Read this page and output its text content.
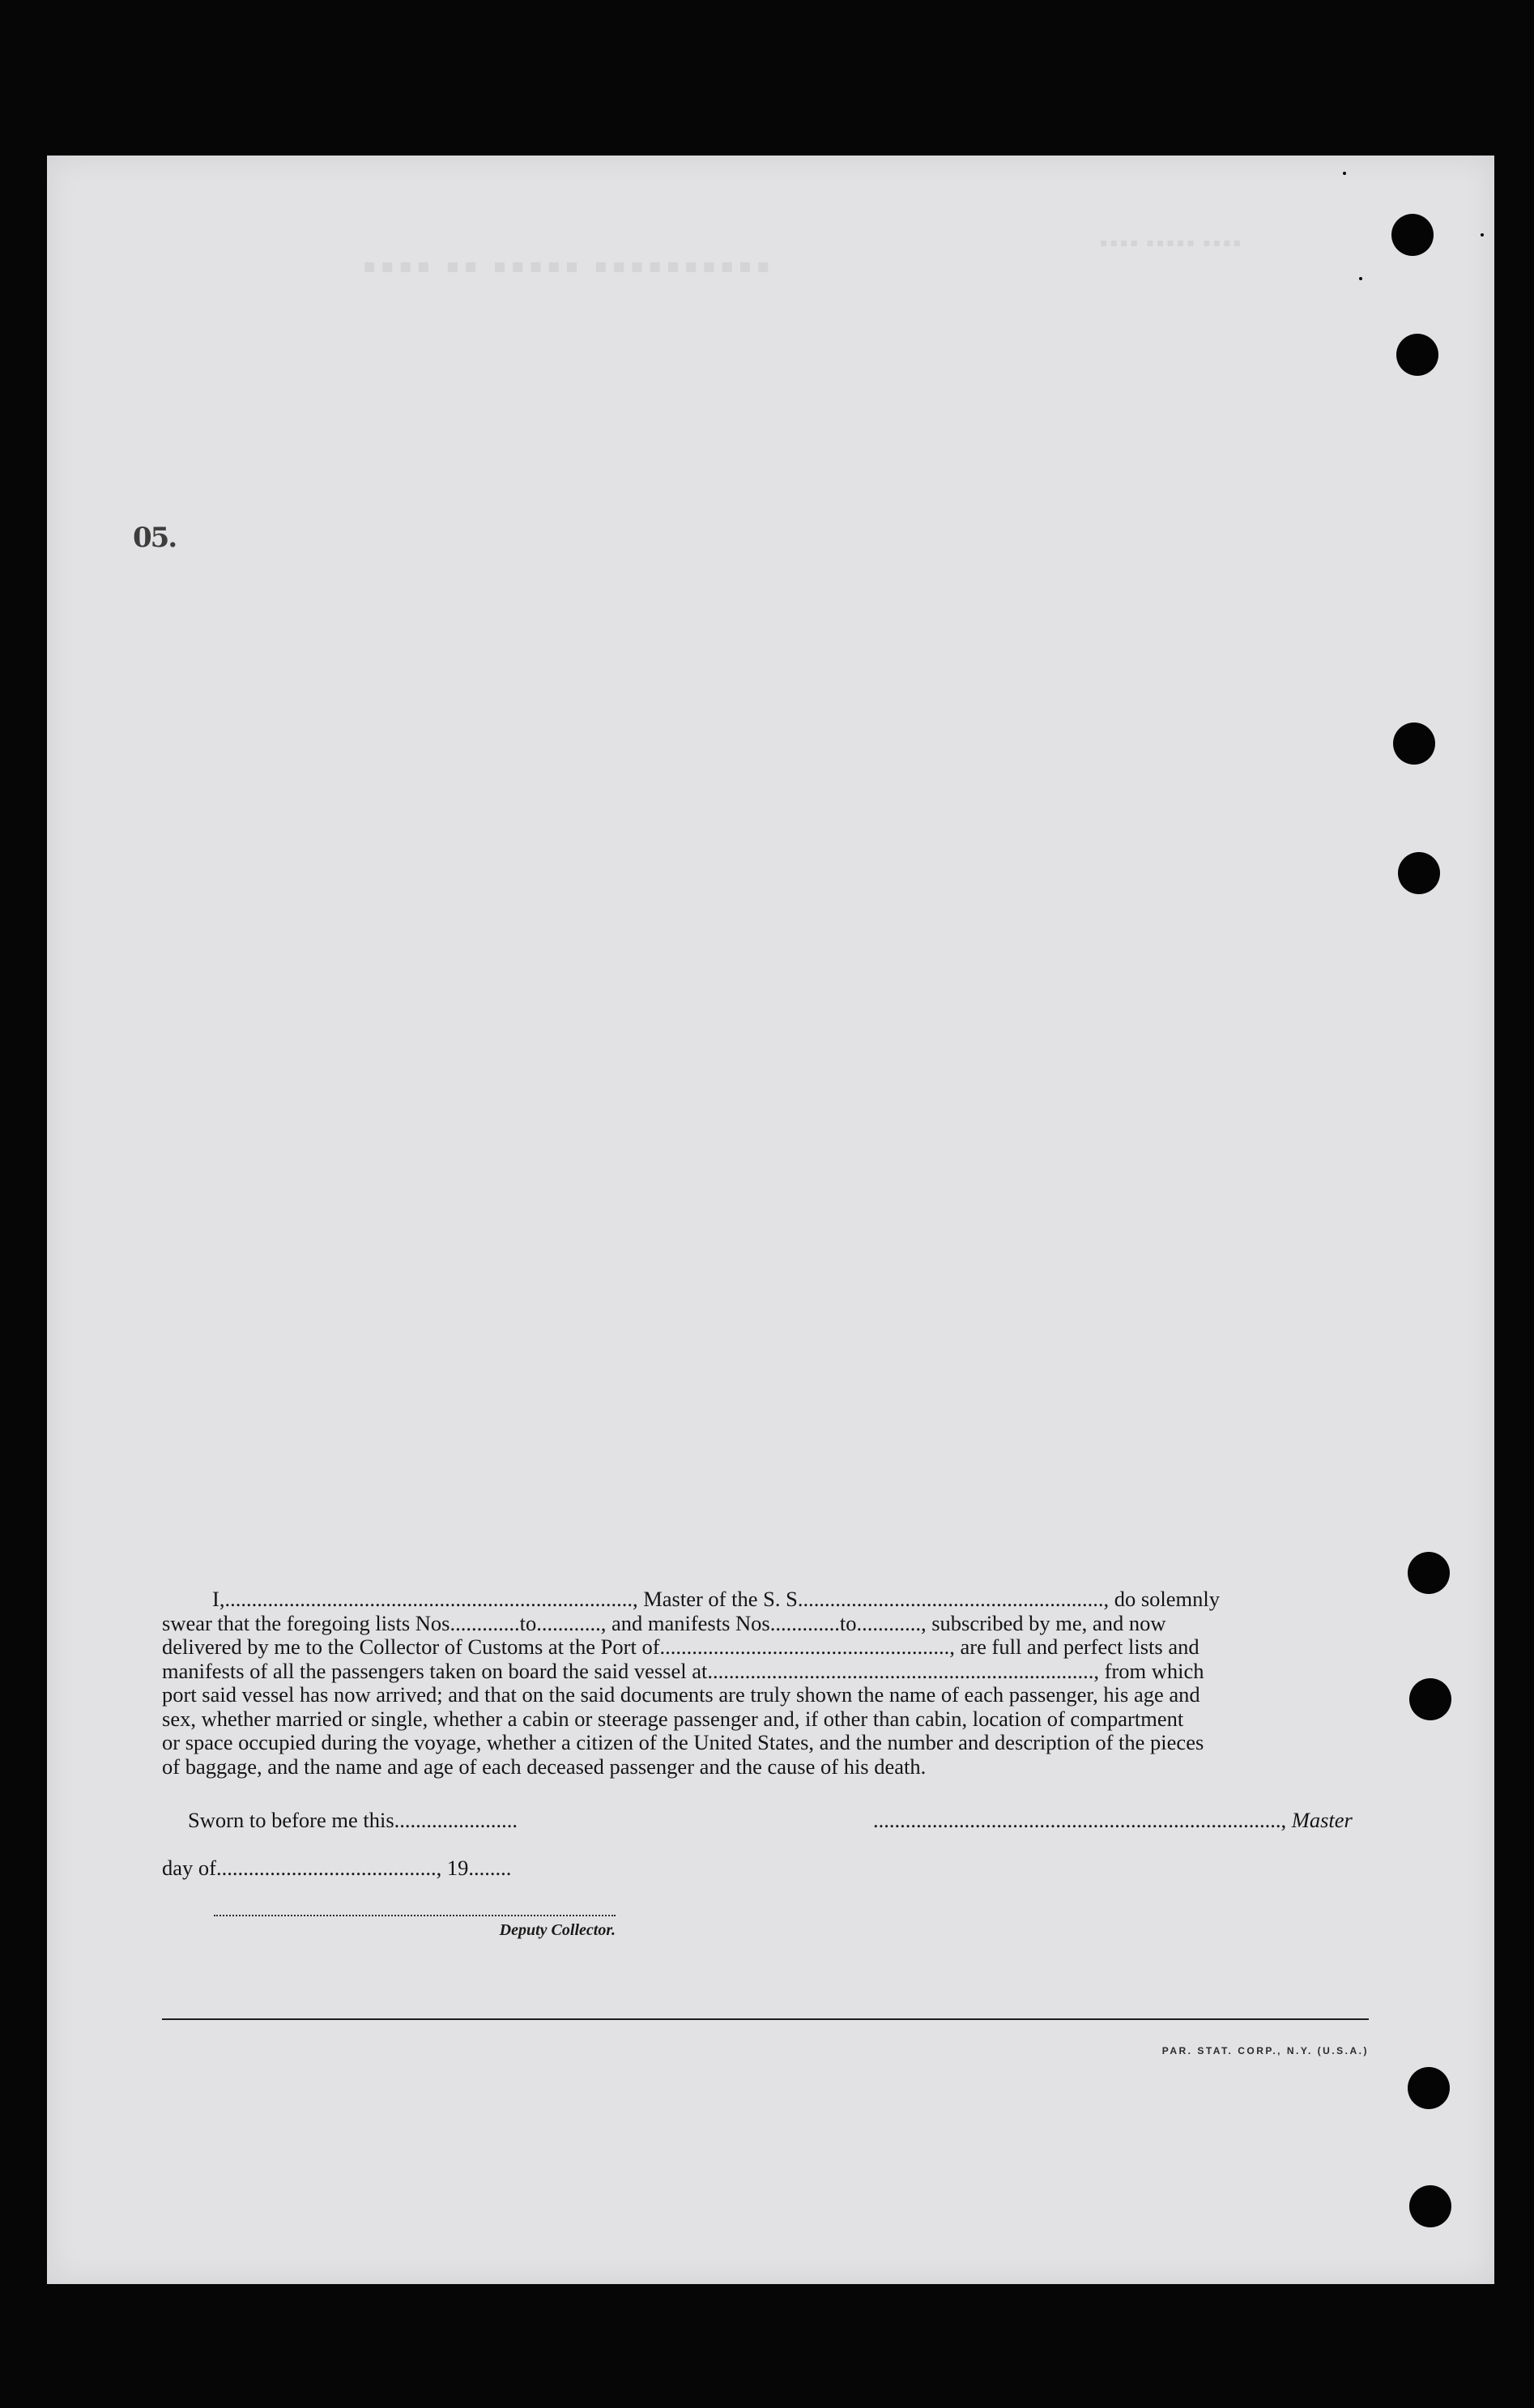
▪▪▪▪ ▪▪ ▪▪▪▪▪ ▪▪▪▪▪▪▪▪▪▪
▪▪▪▪ ▪▪▪▪▪ ▪▪▪▪
05.

I,............................................................................, Master of the S. S........................................................., do solemnly

swear that the foregoing lists Nos.............to............, and manifests Nos.............to............, subscribed by me, and now

delivered by me to the Collector of Customs at the Port of......................................................, are full and perfect lists and

manifests of all the passengers taken on board the said vessel at........................................................................, from which

port said vessel has now arrived; and that on the said documents are truly shown the name of each passenger, his age and

sex, whether married or single, whether a cabin or steerage passenger and, if other than cabin, location of compartment

or space occupied during the voyage, whether a citizen of the United States, and the number and description of the pieces

of baggage, and the name and age of each deceased passenger and the cause of his death.

Sworn to before me this.......................	............................................................................, Master
day of........................................., 19........
Deputy Collector.
PAR. STAT. CORP., N.Y. (U.S.A.)
